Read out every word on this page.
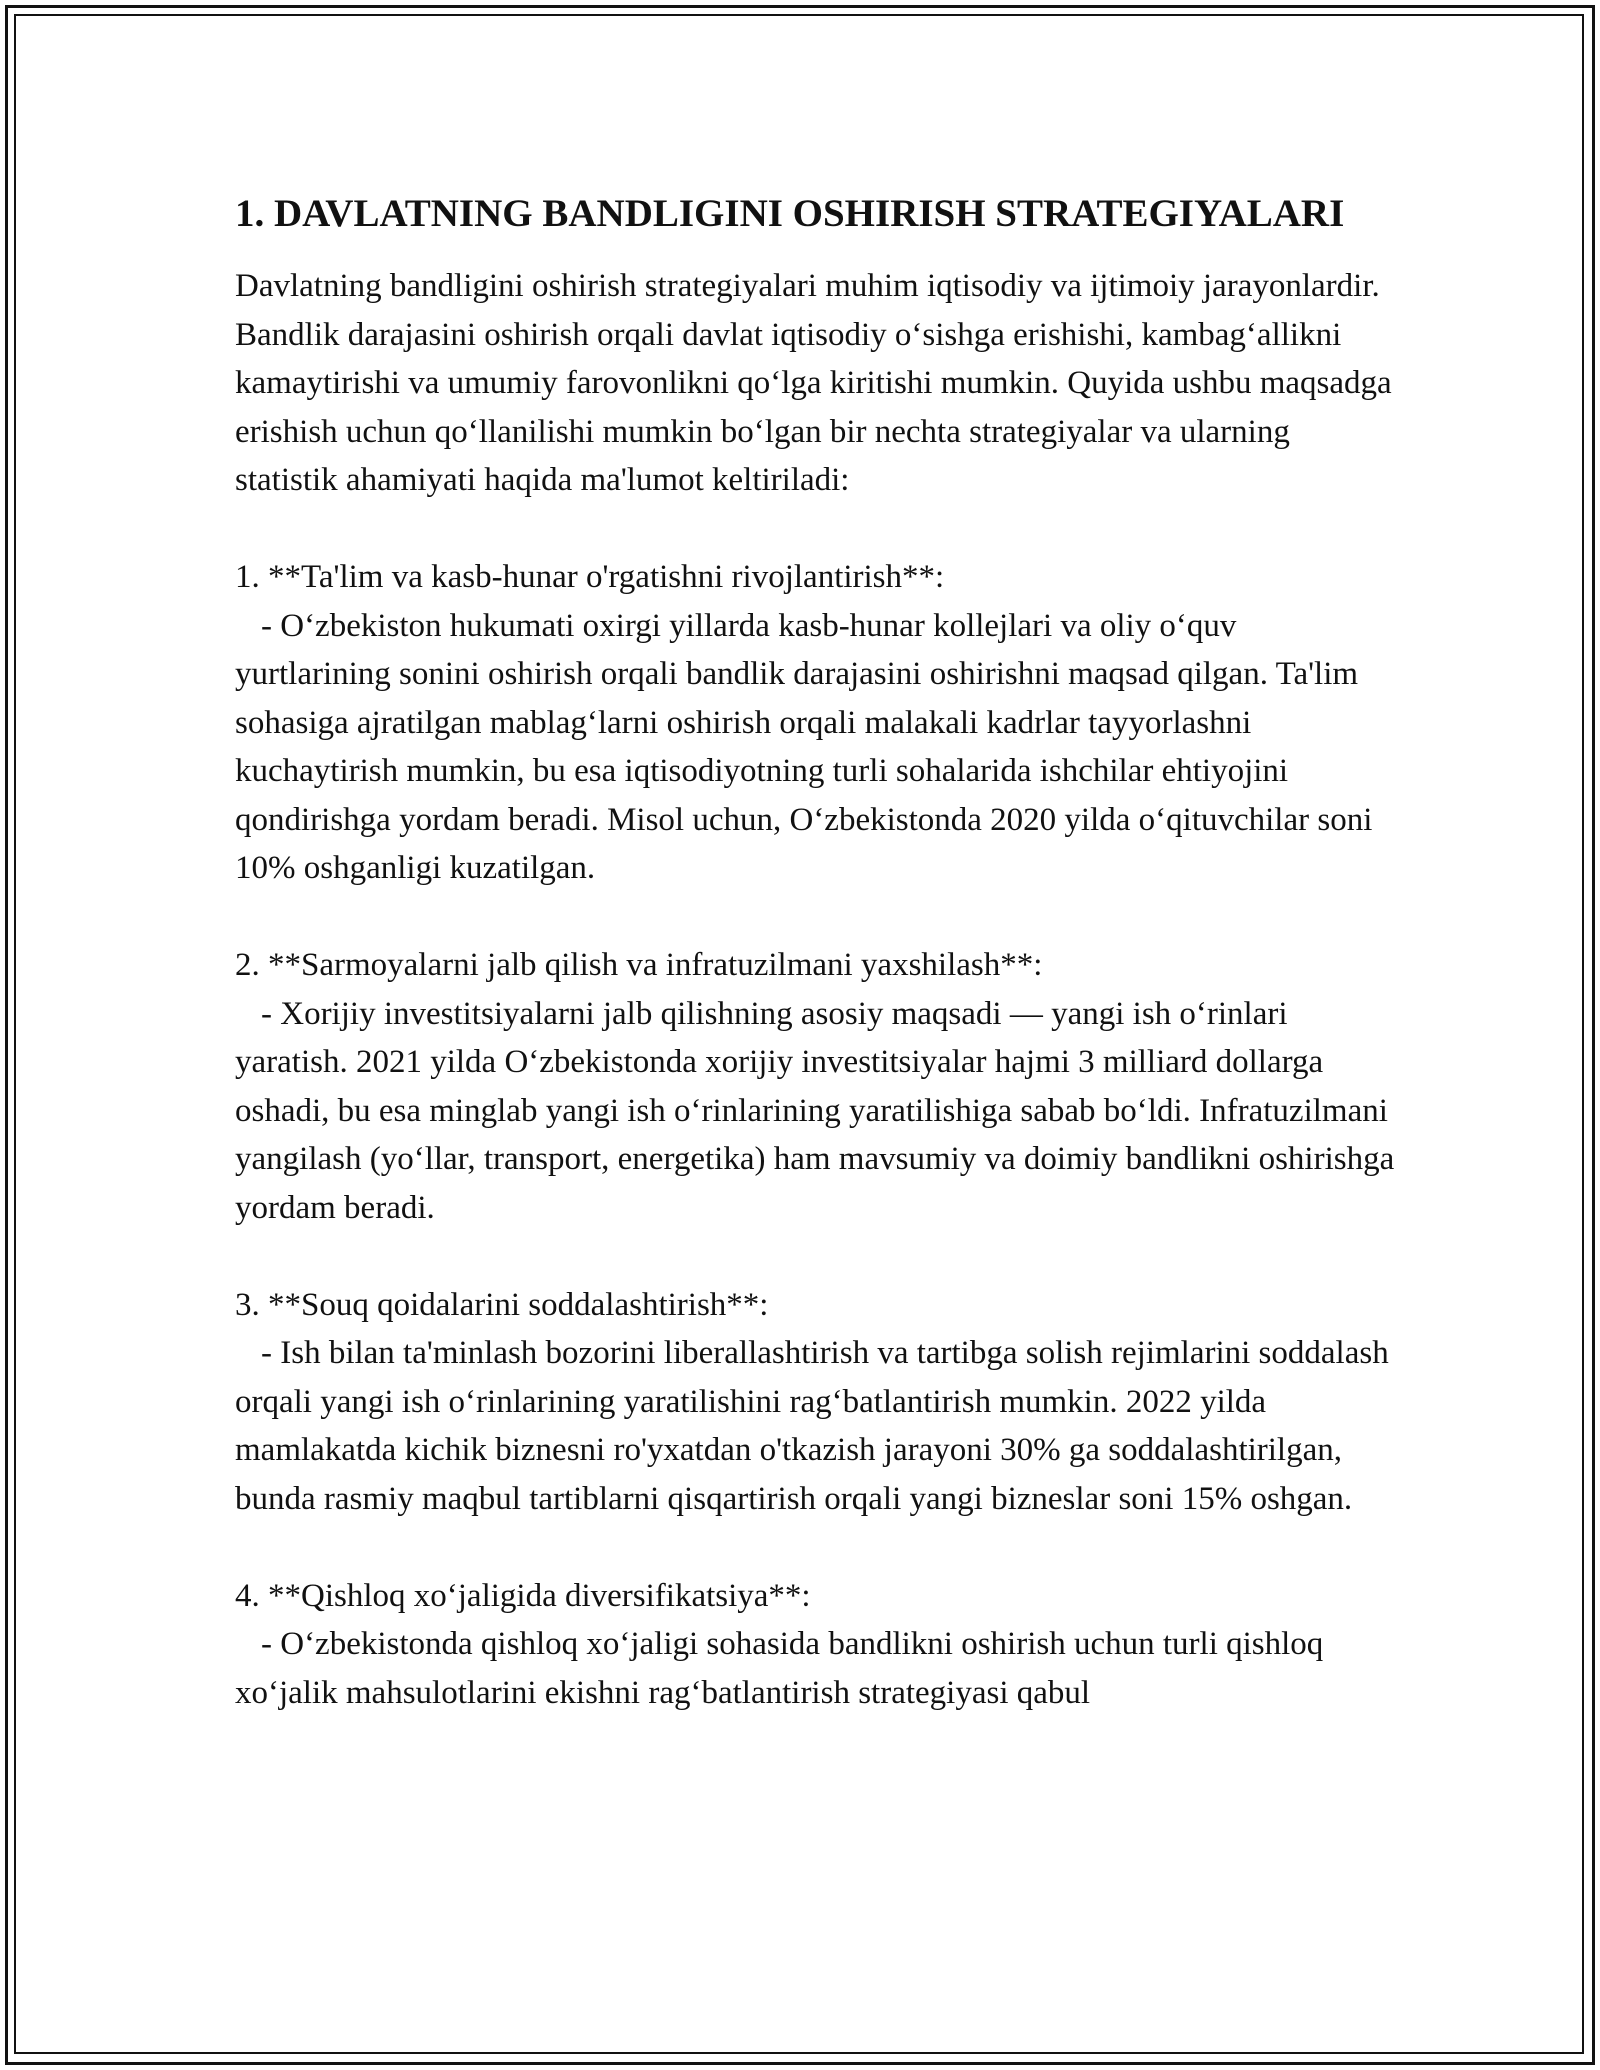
1. DAVLATNING BANDLIGINI OSHIRISH STRATEGIYALARI

Davlatning bandligini oshirish strategiyalari muhim iqtisodiy va ijtimoiy jarayonlardir. Bandlik darajasini oshirish orqali davlat iqtisodiy o‘sishga erishishi, kambag‘allikni kamaytirishi va umumiy farovonlikni qo‘lga kiritishi mumkin. Quyida ushbu maqsadga erishish uchun qo‘llanilishi mumkin bo‘lgan bir nechta strategiyalar va ularning statistik ahamiyati haqida ma'lumot keltiriladi:

1. **Ta'lim va kasb-hunar o'rgatishni rivojlantirish**:

- O‘zbekiston hukumati oxirgi yillarda kasb-hunar kollejlari va oliy o‘quv yurtlarining sonini oshirish orqali bandlik darajasini oshirishni maqsad qilgan. Ta'lim sohasiga ajratilgan mablag‘larni oshirish orqali malakali kadrlar tayyorlashni kuchaytirish mumkin, bu esa iqtisodiyotning turli sohalarida ishchilar ehtiyojini qondirishga yordam beradi. Misol uchun, O‘zbekistonda 2020 yilda o‘qituvchilar soni 10% oshganligi kuzatilgan.

2. **Sarmoyalarni jalb qilish va infratuzilmani yaxshilash**:

- Xorijiy investitsiyalarni jalb qilishning asosiy maqsadi — yangi ish o‘rinlari yaratish. 2021 yilda O‘zbekistonda xorijiy investitsiyalar hajmi 3 milliard dollarga oshadi, bu esa minglab yangi ish o‘rinlarining yaratilishiga sabab bo‘ldi. Infratuzilmani yangilash (yo‘llar, transport, energetika) ham mavsumiy va doimiy bandlikni oshirishga yordam beradi.

3. **Souq qoidalarini soddalashtirish**:

- Ish bilan ta'minlash bozorini liberallashtirish va tartibga solish rejimlarini soddalash orqali yangi ish o‘rinlarining yaratilishini rag‘batlantirish mumkin. 2022 yilda mamlakatda kichik biznesni ro'yxatdan o'tkazish jarayoni 30% ga soddalashtirilgan, bunda rasmiy maqbul tartiblarni qisqartirish orqali yangi bizneslar soni 15% oshgan.

4. **Qishloq xo‘jaligida diversifikatsiya**:

- O‘zbekistonda qishloq xo‘jaligi sohasida bandlikni oshirish uchun turli qishloq xo‘jalik mahsulotlarini ekishni rag‘batlantirish strategiyasi qabul
